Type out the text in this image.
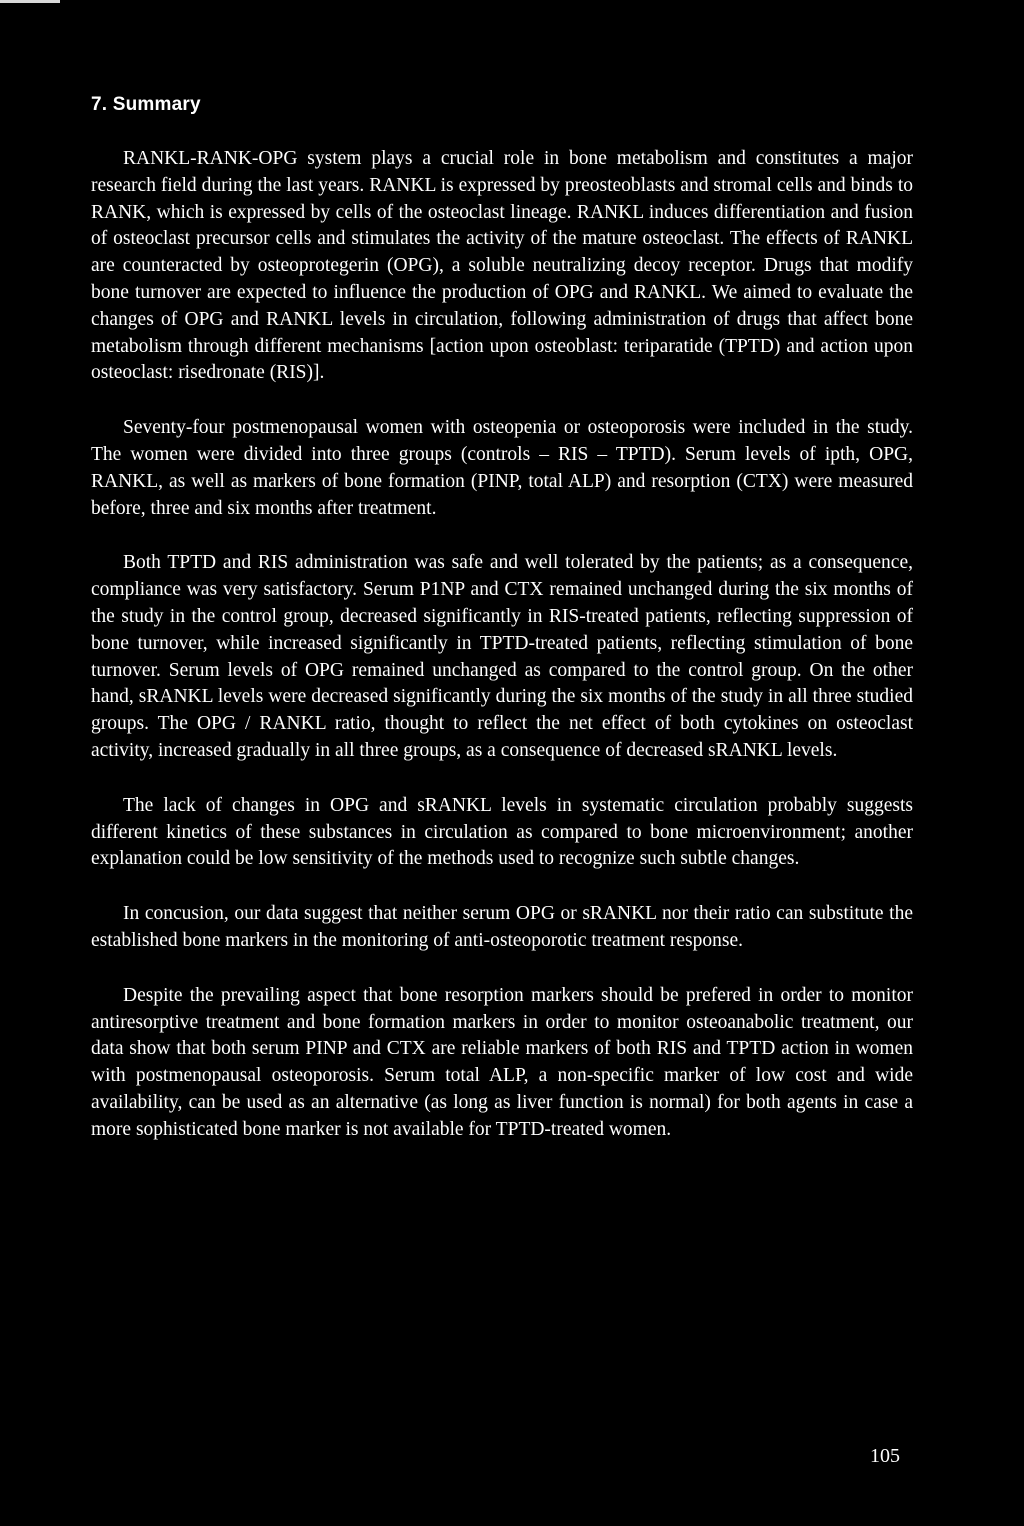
7. Summary

RANKL-RANK-OPG system plays a crucial role in bone metabolism and constitutes a major research field during the last years. RANKL is expressed by preosteoblasts and stromal cells and binds to RANK, which is expressed by cells of the osteoclast lineage. RANKL induces differentiation and fusion of osteoclast precursor cells and stimulates the activity of the mature osteoclast. The effects of RANKL are counteracted by osteoprotegerin (OPG), a soluble neutralizing decoy receptor. Drugs that modify bone turnover are expected to influence the production of OPG and RANKL. We aimed to evaluate the changes of OPG and RANKL levels in circulation, following administration of drugs that affect bone metabolism through different mechanisms [action upon osteoblast: teriparatide (TPTD) and action upon osteoclast: risedronate (RIS)].

Seventy-four postmenopausal women with osteopenia or osteoporosis were included in the study. The women were divided into three groups (controls – RIS – TPTD). Serum levels of ipth, OPG, RANKL, as well as markers of bone formation (PINP, total ALP) and resorption (CTX) were measured before, three and six months after treatment.

Both TPTD and RIS administration was safe and well tolerated by the patients; as a consequence, compliance was very satisfactory. Serum P1NP and CTX remained unchanged during the six months of the study in the control group, decreased significantly in RIS-treated patients, reflecting suppression of bone turnover, while increased significantly in TPTD-treated patients, reflecting stimulation of bone turnover. Serum levels of OPG remained unchanged as compared to the control group. On the other hand, sRANKL levels were decreased significantly during the six months of the study in all three studied groups. The OPG / RANKL ratio, thought to reflect the net effect of both cytokines on osteoclast activity, increased gradually in all three groups, as a consequence of decreased sRANKL levels.

The lack of changes in OPG and sRANKL levels in systematic circulation probably suggests different kinetics of these substances in circulation as compared to bone microenvironment; another explanation could be low sensitivity of the methods used to recognize such subtle changes.

In concusion, our data suggest that neither serum OPG or sRANKL nor their ratio can substitute the established bone markers in the monitoring of anti-osteoporotic treatment response.

Despite the prevailing aspect that bone resorption markers should be prefered in order to monitor antiresorptive treatment and bone formation markers in order to monitor osteoanabolic treatment, our data show that both serum PINP and CTX are reliable markers of both RIS and TPTD action in women with postmenopausal osteoporosis. Serum total ALP, a non-specific marker of low cost and wide availability, can be used as an alternative (as long as liver function is normal) for both agents in case a more sophisticated bone marker is not available for TPTD-treated women.

105
